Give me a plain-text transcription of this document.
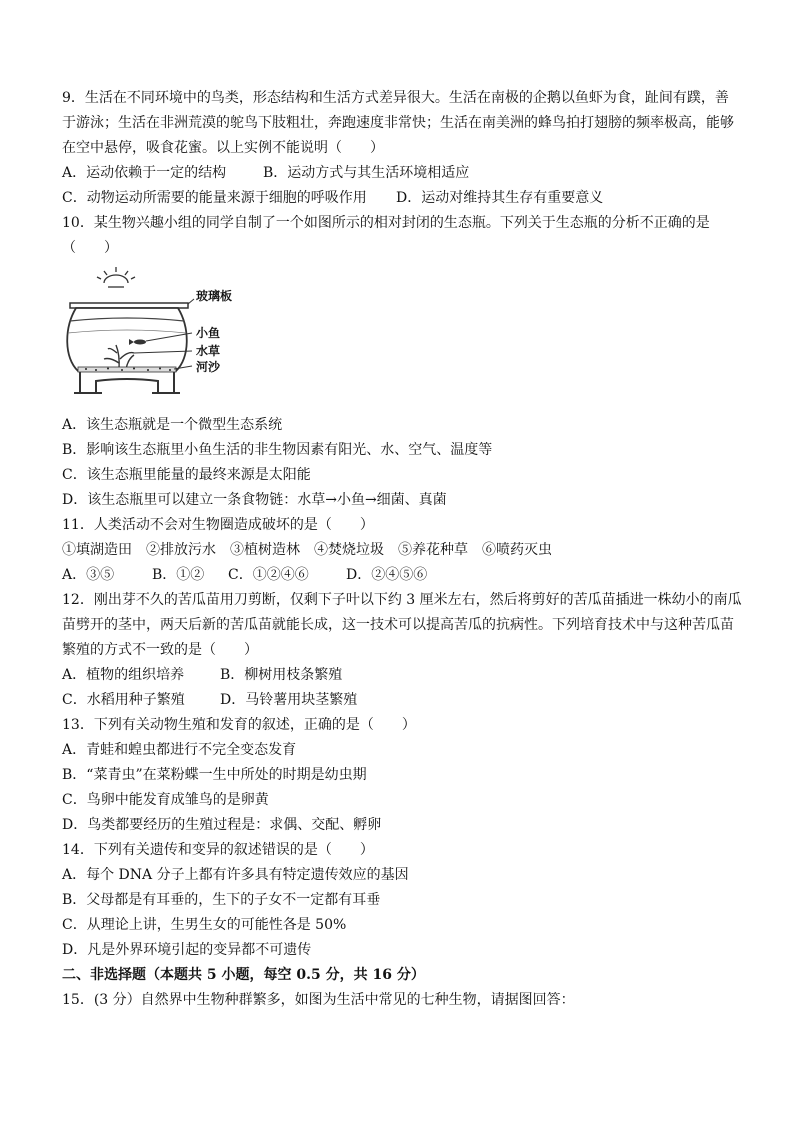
9．生活在不同环境中的鸟类，形态结构和生活方式差异很大。生活在南极的企鹅以鱼虾为食，趾间有蹼，善
于游泳；生活在非洲荒漠的鸵鸟下肢粗壮，奔跑速度非常快；生活在南美洲的蜂鸟拍打翅膀的频率极高，能够
在空中悬停，吸食花蜜。以上实例不能说明（　　）
A．运动依赖于一定的结构	B．运动方式与其生活环境相适应
C．动物运动所需要的能量来源于细胞的呼吸作用 D．运动对维持其生存有重要意义
10．某生物兴趣小组的同学自制了一个如图所示的相对封闭的生态瓶。下列关于生态瓶的分析不正确的是
（　　）
玻璃板
小鱼
水草
河沙
A．该生态瓶就是一个微型生态系统
B．影响该生态瓶里小鱼生活的非生物因素有阳光、水、空气、温度等
C．该生态瓶里能量的最终来源是太阳能
D．该生态瓶里可以建立一条食物链：水草→小鱼→细菌、真菌
11．人类活动不会对生物圈造成破坏的是（　　）
①填湖造田　②排放污水　③植树造林　④焚烧垃圾　⑤养花种草　⑥喷药灭虫
A．③⑤	B．①② C．①②④⑥	D．②④⑤⑥
12．刚出芽不久的苦瓜苗用刀剪断，仅剩下子叶以下约 3 厘米左右，然后将剪好的苦瓜苗插进一株幼小的南瓜
苗劈开的茎中，两天后新的苦瓜苗就能长成，这一技术可以提高苦瓜的抗病性。下列培育技术中与这种苦瓜苗
繁殖的方式不一致的是（　　）
A．植物的组织培养	B．柳树用枝条繁殖
C．水稻用种子繁殖	D．马铃薯用块茎繁殖
13．下列有关动物生殖和发育的叙述，正确的是（　　）
A．青蛙和蝗虫都进行不完全变态发育
B．“菜青虫”在菜粉蝶一生中所处的时期是幼虫期
C．鸟卵中能发育成雏鸟的是卵黄
D．鸟类都要经历的生殖过程是：求偶、交配、孵卵
14．下列有关遗传和变异的叙述错误的是（　　）
A．每个 DNA 分子上都有许多具有特定遗传效应的基因
B．父母都是有耳垂的，生下的子女不一定都有耳垂
C．从理论上讲，生男生女的可能性各是 50%
D．凡是外界环境引起的变异都不可遗传
二、非选择题（本题共 5 小题，每空 0.5 分，共 16 分）
15．(3 分）自然界中生物种群繁多，如图为生活中常见的七种生物，请据图回答：
